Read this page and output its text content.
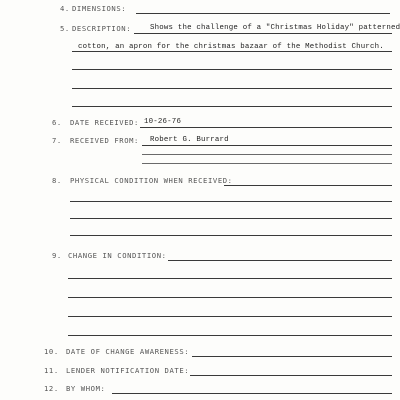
4. DIMENSIONS:
5. DESCRIPTION:	Shows the challenge of a "Christmas Holiday" patterned
cotton, an apron for the christmas bazaar of the Methodist Church.
6. DATE RECEIVED: 10-26-76
7. RECEIVED FROM: Robert G. Burrard
8. PHYSICAL CONDITION WHEN RECEIVED:
9. CHANGE IN CONDITION:
10. DATE OF CHANGE AWARENESS:
11. LENDER NOTIFICATION DATE:
12. BY WHOM:
